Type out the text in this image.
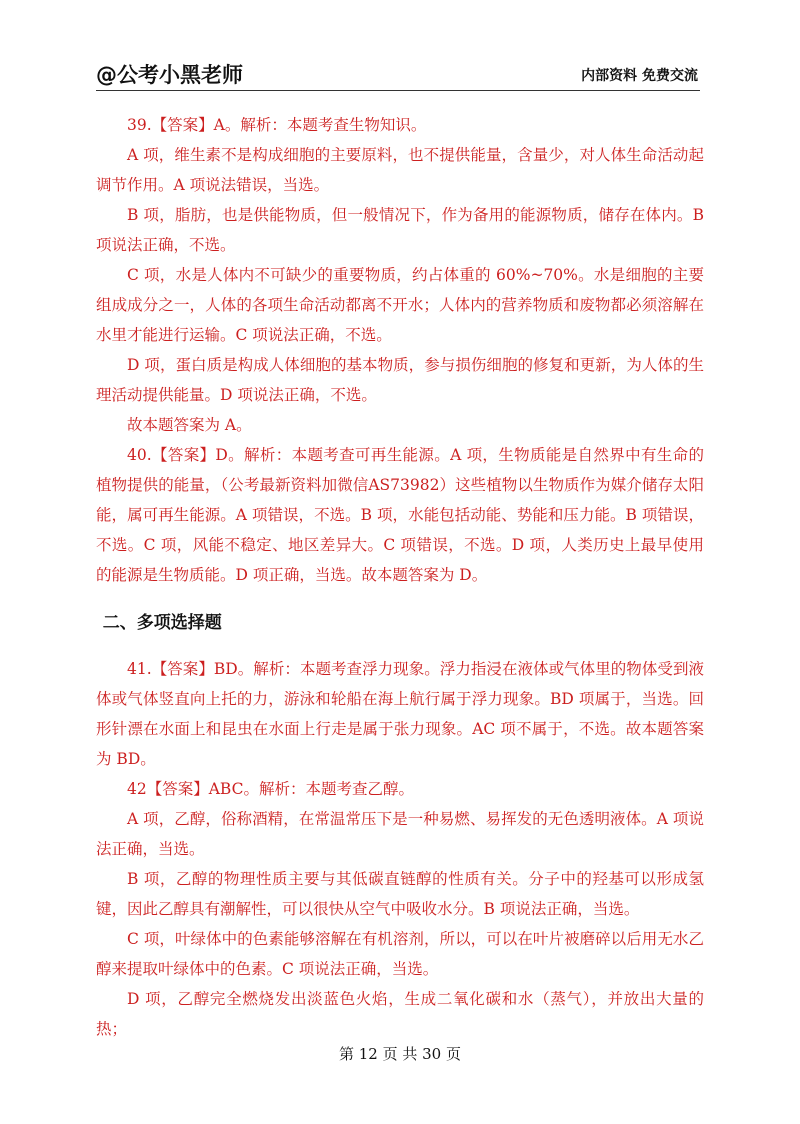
@公考小黑老师	内部资料 免费交流

39.【答案】A。解析：本题考查生物知识。

A 项，维生素不是构成细胞的主要原料，也不提供能量，含量少，对人体生命活动起调节作用。A 项说法错误，当选。

B 项，脂肪，也是供能物质，但一般情况下，作为备用的能源物质，储存在体内。B 项说法正确，不选。

C 项，水是人体内不可缺少的重要物质，约占体重的 60%~70%。水是细胞的主要组成成分之一，人体的各项生命活动都离不开水；人体内的营养物质和废物都必须溶解在水里才能进行运输。C 项说法正确，不选。

D 项，蛋白质是构成人体细胞的基本物质，参与损伤细胞的修复和更新，为人体的生理活动提供能量。D 项说法正确，不选。

故本题答案为 A。

40.【答案】D。解析：本题考查可再生能源。A 项，生物质能是自然界中有生命的植物提供的能量，（公考最新资料加微信AS73982）这些植物以生物质作为媒介储存太阳能，属可再生能源。A 项错误，不选。B 项，水能包括动能、势能和压力能。B 项错误，不选。C 项，风能不稳定、地区差异大。C 项错误，不选。D 项，人类历史上最早使用的能源是生物质能。D 项正确，当选。故本题答案为 D。

二、多项选择题

41.【答案】BD。解析：本题考查浮力现象。浮力指浸在液体或气体里的物体受到液体或气体竖直向上托的力，游泳和轮船在海上航行属于浮力现象。BD 项属于，当选。回形针漂在水面上和昆虫在水面上行走是属于张力现象。AC 项不属于，不选。故本题答案为 BD。

42【答案】ABC。解析：本题考查乙醇。

A 项，乙醇，俗称酒精，在常温常压下是一种易燃、易挥发的无色透明液体。A 项说法正确，当选。

B 项，乙醇的物理性质主要与其低碳直链醇的性质有关。分子中的羟基可以形成氢键，因此乙醇具有潮解性，可以很快从空气中吸收水分。B 项说法正确，当选。

C 项，叶绿体中的色素能够溶解在有机溶剂，所以，可以在叶片被磨碎以后用无水乙醇来提取叶绿体中的色素。C 项说法正确，当选。

D 项，乙醇完全燃烧发出淡蓝色火焰，生成二氧化碳和水（蒸气），并放出大量的热；

第 12 页 共 30 页
